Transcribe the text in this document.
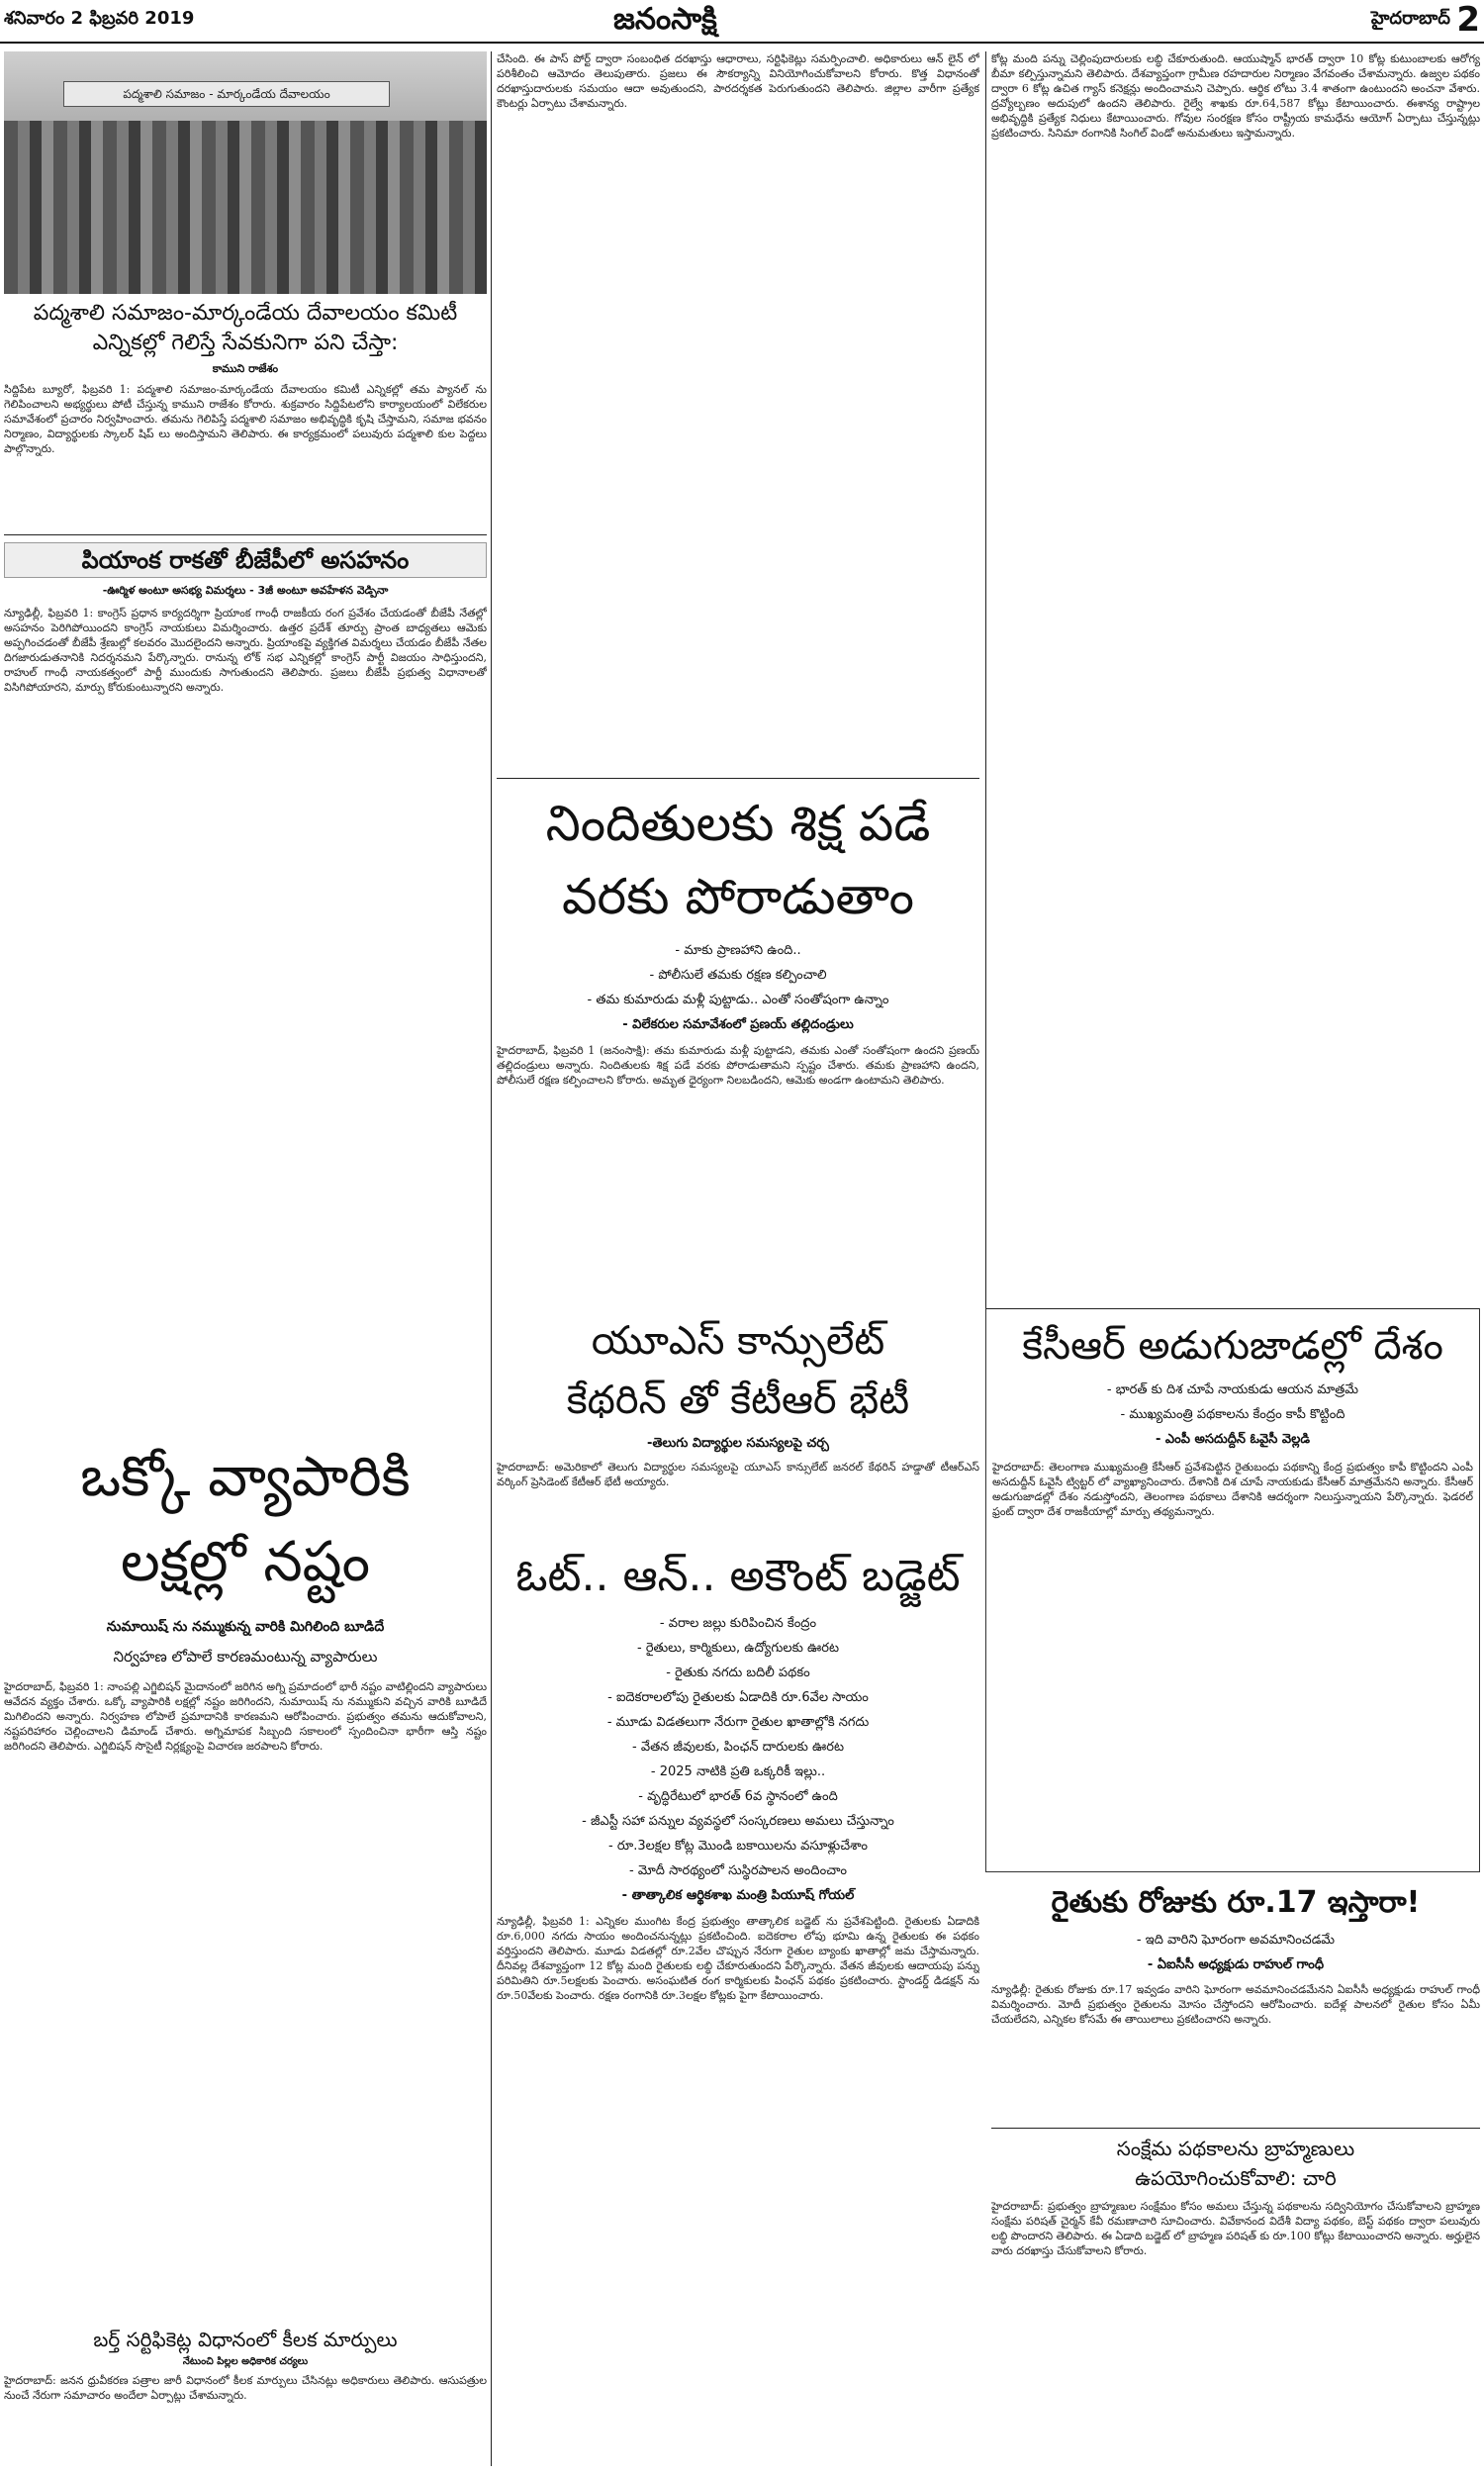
శనివారం 2 ఫిబ్రవరి 2019	జనంసాక్షి	హైదరాబాద్ 2
పద్మశాలి సమాజం - మార్కండేయ దేవాలయం
పద్మశాలి సమాజం-మార్కండేయ దేవాలయం కమిటీ ఎన్నికల్లో గెలిస్తే సేవకునిగా పని చేస్తా:
కాముని రాజేశం
సిద్దిపేట బ్యూరో, ఫిబ్రవరి 1: పద్మశాలి సమాజం-మార్కండేయ దేవాలయం కమిటీ ఎన్నికల్లో తమ ప్యానల్ ను గెలిపించాలని అభ్యర్థులు పోటీ చేస్తున్న కాముని రాజేశం కోరారు. శుక్రవారం సిద్దిపేటలోని కార్యాలయంలో విలేకరుల సమావేశంలో ప్రచారం నిర్వహించారు. తమను గెలిపిస్తే పద్మశాలి సమాజం అభివృద్ధికి కృషి చేస్తామని, సమాజ భవనం నిర్మాణం, విద్యార్థులకు స్కాలర్ షిప్ లు అందిస్తామని తెలిపారు. ఈ కార్యక్రమంలో పలువురు పద్మశాలి కుల పెద్దలు పాల్గొన్నారు.
పియాంక రాకతో బీజేపీలో అసహనం
-ఊర్మిళ అంటూ అసభ్య విమర్శలు - 3జీ అంటూ అవహేళన వెడ్పినా
న్యూఢిల్లీ, ఫిబ్రవరి 1: కాంగ్రెస్ ప్రధాన కార్యదర్శిగా ప్రియాంక గాంధీ రాజకీయ రంగ ప్రవేశం చేయడంతో బీజేపీ నేతల్లో అసహనం పెరిగిపోయిందని కాంగ్రెస్ నాయకులు విమర్శించారు. ఉత్తర ప్రదేశ్ తూర్పు ప్రాంత బాధ్యతలు ఆమెకు అప్పగించడంతో బీజేపీ శ్రేణుల్లో కలవరం మొదలైందని అన్నారు. ప్రియాంకపై వ్యక్తిగత విమర్శలు చేయడం బీజేపీ నేతల దిగజారుడుతనానికి నిదర్శనమని పేర్కొన్నారు. రానున్న లోక్ సభ ఎన్నికల్లో కాంగ్రెస్ పార్టీ విజయం సాధిస్తుందని, రాహుల్ గాంధీ నాయకత్వంలో పార్టీ ముందుకు సాగుతుందని తెలిపారు. ప్రజలు బీజేపీ ప్రభుత్వ విధానాలతో విసిగిపోయారని, మార్పు కోరుకుంటున్నారని అన్నారు.
ఒక్కో వ్యాపారికి
లక్షల్లో నష్టం
నుమాయిష్ ను నమ్ముకున్న వారికి మిగిలింది బూడిదే
నిర్వహణ లోపాలే కారణమంటున్న వ్యాపారులు
హైదరాబాద్, ఫిబ్రవరి 1: నాంపల్లి ఎగ్జిబిషన్ మైదానంలో జరిగిన అగ్ని ప్రమాదంలో భారీ నష్టం వాటిల్లిందని వ్యాపారులు ఆవేదన వ్యక్తం చేశారు. ఒక్కో వ్యాపారికి లక్షల్లో నష్టం జరిగిందని, నుమాయిష్ ను నమ్ముకుని వచ్చిన వారికి బూడిదే మిగిలిందని అన్నారు. నిర్వహణ లోపాలే ప్రమాదానికి కారణమని ఆరోపించారు. ప్రభుత్వం తమను ఆదుకోవాలని, నష్టపరిహారం చెల్లించాలని డిమాండ్ చేశారు. అగ్నిమాపక సిబ్బంది సకాలంలో స్పందించినా భారీగా ఆస్తి నష్టం జరిగిందని తెలిపారు. ఎగ్జిబిషన్ సొసైటీ నిర్లక్ష్యంపై విచారణ జరపాలని కోరారు.
బర్త్ సర్టిఫికెట్ల విధానంలో కీలక మార్పులు
నేటుంచి పిల్లల అధికారిక చర్యలు
హైదరాబాద్: జనన ధ్రువీకరణ పత్రాల జారీ విధానంలో కీలక మార్పులు చేసినట్లు అధికారులు తెలిపారు. ఆసుపత్రుల నుంచే నేరుగా సమాచారం అందేలా ఏర్పాట్లు చేశామన్నారు.
చేసింది. ఈ పాస్ పోర్ట్ ద్వారా సంబంధిత దరఖాస్తు ఆధారాలు, సర్టిఫికెట్లు సమర్పించాలి. అధికారులు ఆన్ లైన్ లో పరిశీలించి ఆమోదం తెలుపుతారు. ప్రజలు ఈ సౌకర్యాన్ని వినియోగించుకోవాలని కోరారు. కొత్త విధానంతో దరఖాస్తుదారులకు సమయం ఆదా అవుతుందని, పారదర్శకత పెరుగుతుందని తెలిపారు. జిల్లాల వారీగా ప్రత్యేక కౌంటర్లు ఏర్పాటు చేశామన్నారు.
నిందితులకు శిక్ష పడే
వరకు పోరాడుతాం
- మాకు ప్రాణహాని ఉంది..
- పోలీసులే తమకు రక్షణ కల్పించాలి
- తమ కుమారుడు మళ్లీ పుట్టాడు.. ఎంతో సంతోషంగా ఉన్నాం
- విలేకరుల సమావేశంలో ప్రణయ్ తల్లిదండ్రులు
హైదరాబాద్, ఫిబ్రవరి 1 (జనంసాక్షి): తమ కుమారుడు మళ్లీ పుట్టాడని, తమకు ఎంతో సంతోషంగా ఉందని ప్రణయ్ తల్లిదండ్రులు అన్నారు. నిందితులకు శిక్ష పడే వరకు పోరాడుతామని స్పష్టం చేశారు. తమకు ప్రాణహాని ఉందని, పోలీసులే రక్షణ కల్పించాలని కోరారు. అమృత ధైర్యంగా నిలబడిందని, ఆమెకు అండగా ఉంటామని తెలిపారు.
యూఎస్ కాన్సులేట్
కేథరిన్ తో కేటీఆర్ భేటీ
-తెలుగు విద్యార్థుల సమస్యలపై చర్చ
హైదరాబాద్: అమెరికాలో తెలుగు విద్యార్థుల సమస్యలపై యూఎస్ కాన్సులేట్ జనరల్ కేథరిన్ హడ్డాతో టీఆర్ఎస్ వర్కింగ్ ప్రెసిడెంట్ కేటీఆర్ భేటీ అయ్యారు.
ఓట్.. ఆన్.. అకౌంట్ బడ్జెట్
- వరాల జల్లు కురిపించిన కేంద్రం
- రైతులు, కార్మికులు, ఉద్యోగులకు ఊరట
- రైతుకు నగదు బదిలీ పథకం
- ఐదెకరాలలోపు రైతులకు ఏడాదికి రూ.6వేల సాయం
- మూడు విడతలుగా నేరుగా రైతుల ఖాతాల్లోకి నగదు
- వేతన జీవులకు, పింఛన్ దారులకు ఊరట
- 2025 నాటికి ప్రతి ఒక్కరికీ ఇల్లు..
- వృద్ధిరేటులో భారత్ 6వ స్థానంలో ఉంది
- జీఎస్టీ సహా పన్నుల వ్యవస్థలో సంస్కరణలు అమలు చేస్తున్నాం
- రూ.3లక్షల కోట్ల మొండి బకాయిలను వసూళ్లుచేశాం
- మోదీ సారథ్యంలో సుస్థిరపాలన అందించాం
- తాత్కాలిక ఆర్థికశాఖ మంత్రి పియూష్ గోయల్
న్యూఢిల్లీ, ఫిబ్రవరి 1: ఎన్నికల ముంగిట కేంద్ర ప్రభుత్వం తాత్కాలిక బడ్జెట్ ను ప్రవేశపెట్టింది. రైతులకు ఏడాదికి రూ.6,000 నగదు సాయం అందించనున్నట్లు ప్రకటించింది. ఐదెకరాల లోపు భూమి ఉన్న రైతులకు ఈ పథకం వర్తిస్తుందని తెలిపారు. మూడు విడతల్లో రూ.2వేల చొప్పున నేరుగా రైతుల బ్యాంకు ఖాతాల్లో జమ చేస్తామన్నారు. దీనివల్ల దేశవ్యాప్తంగా 12 కోట్ల మంది రైతులకు లబ్ధి చేకూరుతుందని పేర్కొన్నారు. వేతన జీవులకు ఆదాయపు పన్ను పరిమితిని రూ.5లక్షలకు పెంచారు. అసంఘటిత రంగ కార్మికులకు పింఛన్ పథకం ప్రకటించారు. స్టాండర్డ్ డిడక్షన్ ను రూ.50వేలకు పెంచారు. రక్షణ రంగానికి రూ.3లక్షల కోట్లకు పైగా కేటాయించారు.
కోట్ల మంది పన్ను చెల్లింపుదారులకు లబ్ధి చేకూరుతుంది. ఆయుష్మాన్ భారత్ ద్వారా 10 కోట్ల కుటుంబాలకు ఆరోగ్య బీమా కల్పిస్తున్నామని తెలిపారు. దేశవ్యాప్తంగా గ్రామీణ రహదారుల నిర్మాణం వేగవంతం చేశామన్నారు. ఉజ్వల పథకం ద్వారా 6 కోట్ల ఉచిత గ్యాస్ కనెక్షన్లు అందించామని చెప్పారు. ఆర్థిక లోటు 3.4 శాతంగా ఉంటుందని అంచనా వేశారు. ద్రవ్యోల్బణం అదుపులో ఉందని తెలిపారు. రైల్వే శాఖకు రూ.64,587 కోట్లు కేటాయించారు. ఈశాన్య రాష్ట్రాల అభివృద్ధికి ప్రత్యేక నిధులు కేటాయించారు. గోవుల సంరక్షణ కోసం రాష్ట్రీయ కామధేను ఆయోగ్ ఏర్పాటు చేస్తున్నట్లు ప్రకటించారు. సినిమా రంగానికి సింగిల్ విండో అనుమతులు ఇస్తామన్నారు.
కేసీఆర్ అడుగుజాడల్లో దేశం
- భారత్ కు దిశ చూపే నాయకుడు ఆయన మాత్రమే
- ముఖ్యమంత్రి పథకాలను కేంద్రం కాపీ కొట్టింది
- ఎంపీ అసదుద్దీన్ ఓవైసీ వెల్లడి
హైదరాబాద్: తెలంగాణ ముఖ్యమంత్రి కేసీఆర్ ప్రవేశపెట్టిన రైతుబంధు పథకాన్ని కేంద్ర ప్రభుత్వం కాపీ కొట్టిందని ఎంపీ అసదుద్దీన్ ఓవైసీ ట్విట్టర్ లో వ్యాఖ్యానించారు. దేశానికి దిశ చూపే నాయకుడు కేసీఆర్ మాత్రమేనని అన్నారు. కేసీఆర్ అడుగుజాడల్లో దేశం నడుస్తోందని, తెలంగాణ పథకాలు దేశానికి ఆదర్శంగా నిలుస్తున్నాయని పేర్కొన్నారు. ఫెడరల్ ఫ్రంట్ ద్వారా దేశ రాజకీయాల్లో మార్పు తథ్యమన్నారు.
రైతుకు రోజుకు రూ.17 ఇస్తారా!
- ఇది వారిని ఘోరంగా అవమానించడమే
- ఏఐసీసీ అధ్యక్షుడు రాహుల్ గాంధీ
న్యూఢిల్లీ: రైతుకు రోజుకు రూ.17 ఇవ్వడం వారిని ఘోరంగా అవమానించడమేనని ఏఐసీసీ అధ్యక్షుడు రాహుల్ గాంధీ విమర్శించారు. మోదీ ప్రభుత్వం రైతులను మోసం చేస్తోందని ఆరోపించారు. ఐదేళ్ల పాలనలో రైతుల కోసం ఏమీ చేయలేదని, ఎన్నికల కోసమే ఈ తాయిలాలు ప్రకటించారని అన్నారు.
సంక్షేమ పథకాలను బ్రాహ్మణులు
ఉపయోగించుకోవాలి: చారి
హైదరాబాద్: ప్రభుత్వం బ్రాహ్మణుల సంక్షేమం కోసం అమలు చేస్తున్న పథకాలను సద్వినియోగం చేసుకోవాలని బ్రాహ్మణ సంక్షేమ పరిషత్ చైర్మన్ కేవీ రమణాచారి సూచించారు. వివేకానంద విదేశీ విద్యా పథకం, బెస్ట్ పథకం ద్వారా పలువురు లబ్ధి పొందారని తెలిపారు. ఈ ఏడాది బడ్జెట్ లో బ్రాహ్మణ పరిషత్ కు రూ.100 కోట్లు కేటాయించారని అన్నారు. అర్హులైన వారు దరఖాస్తు చేసుకోవాలని కోరారు.
